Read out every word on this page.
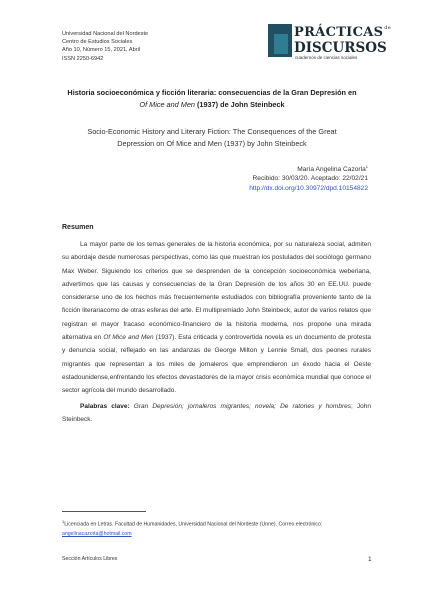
Universidad Nacional del Nordeste
Centro de Estudios Sociales
Año 10, Número 15, 2021, Abril
ISSN 2250-6942
$PRÁCTICAS^{de}$
DISCURSOS
cuadernos de ciencias sociales
Historia socioeconómica y ficción literaria: consecuencias de la Gran Depresión en
Of Mice and Men (1937) de John Steinbeck
Socio-Economic History and Literary Fiction: The Consequences of the Great
Depression on Of Mice and Men (1937) by John Steinbeck
María Angelina Cazorla$^1$
Recibido: 30/03/20. Aceptado: 22/02/21
http://dx.doi.org/10.30972/dpd.10154822
Resumen

La mayor parte de los temas generales de la historia económica, por su naturaleza social, admiten su abordaje desde numerosas perspectivas, como las que muestran los postulados del sociólogo germano Max Weber. Siguiendo los criterios que se desprenden de la concepción socioeconómica weberiana, advertimos que las causas y consecuencias de la Gran Depresión de los años 30 en EE.UU. puede considerarse uno de los hechos más frecuentemente estudiados con bibliografía proveniente tanto de la ficción literariacomo de otras esferas del arte. El multipremiado John Steinbeck, autor de varios relatos que registran el mayor fracaso económico-financiero de la historia moderna, nos propone una mirada alternativa en Of Mice and Men (1937). Esta criticada y controvertida novela es un documento de protesta y denuncia social, reflejado en las andanzas de George Milton y Lennie Small, dos peones rurales migrantes que representan a los miles de jornaleros que emprendieron un éxodo hacia el Oeste estadounidense,enfrentando los efectos devastadores de la mayor crisis económica mundial que conoce el sector agrícola del mundo desarrollado.

Palabras clave: Gran Depresión; jornaleros migrantes; novela; De ratones y hombres; John Steinbeck.

$^1$Licenciada en Letras. Facultad de Humanidades, Universidad Nacional del Nordeste (Unne). Correo electrónico:
angelinacazorla@hotmail.com
Sección Artículos Libres	1
